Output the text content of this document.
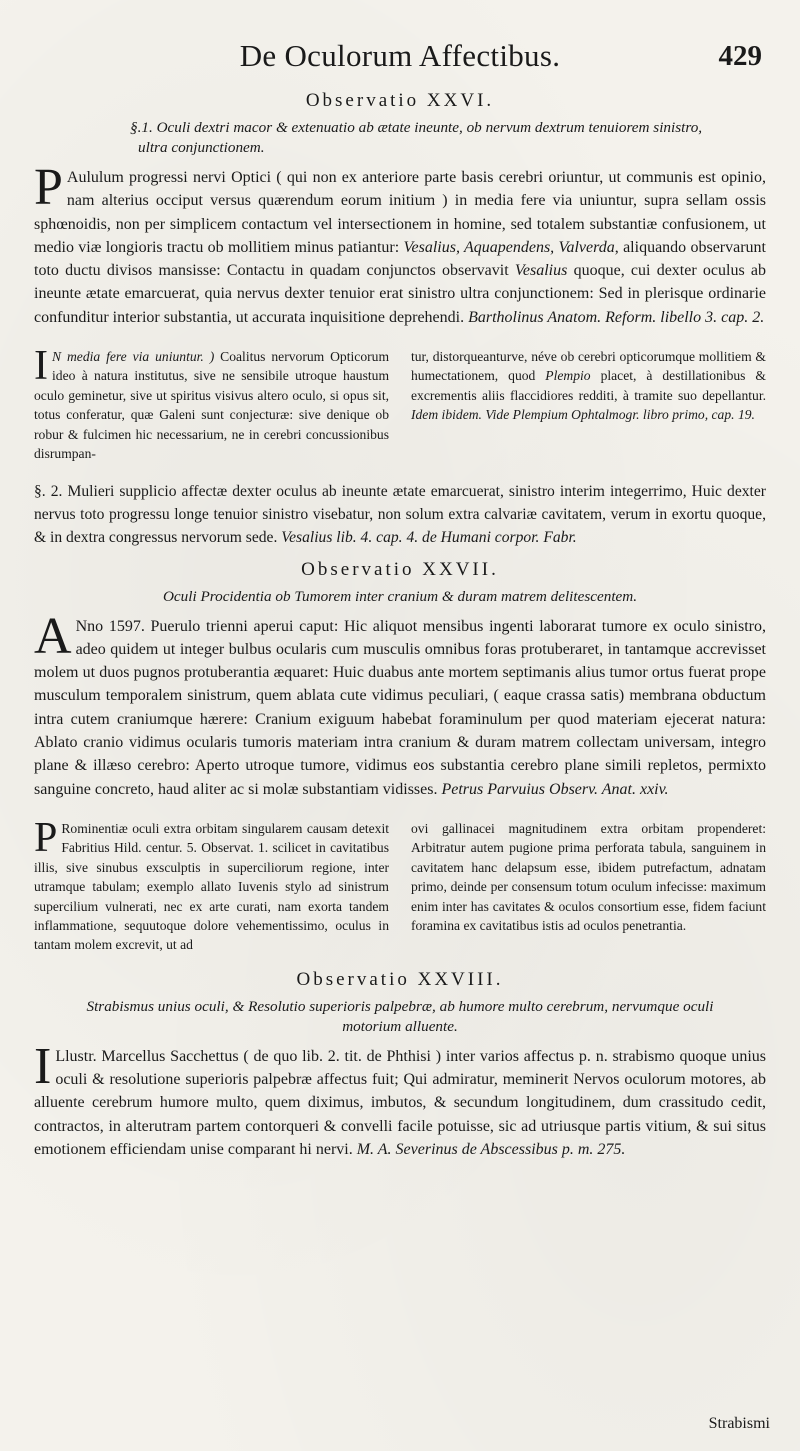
De Oculorum Affectibus.	429
Observatio XXVI.
§.1. Oculi dextri macor & extenuatio ab ætate ineunte, ob nervum dextrum tenuiorem sinistro, ultra conjunctionem.

P Aululum progressi nervi Optici ( qui non ex anteriore parte basis cerebri oriuntur, ut communis est opinio, nam alterius occiput versus quærendum eorum initium ) in media fere via uniuntur, supra sellam ossis sphœnoidis, non per simplicem contactum vel intersectionem in homine, sed totalem substantiæ confusionem, ut medio viæ longioris tractu ob mollitiem minus patiantur: Vesalius, Aquapendens, Valverda, aliquando observarunt toto ductu divisos mansisse: Contactu in quadam conjunctos observavit Vesalius quoque, cui dexter oculus ab ineunte ætate emarcuerat, quia nervus dexter tenuior erat sinistro ultra conjunctionem: Sed in plerisque ordinarie confunditur interior substantia, ut accurata inquisitione deprehendi. Bartholinus Anatom. Reform. libello 3. cap. 2.

I N media fere via uniuntur. ) Coalitus nervorum Opticorum ideo à natura institutus, sive ne sensibile utroque haustum oculo geminetur, sive ut spiritus visivus altero oculo, si opus sit, totus conferatur, quæ Galeni sunt conjecturæ: sive denique ob robur & fulcimen hic necessarium, ne in cerebri concussionibus disrumpan-
tur, distorqueanturve, néve ob cerebri opticorumque mollitiem & humectationem, quod Plempio placet, à destillationibus & excrementis aliis flaccidiores redditi, à tramite suo depellantur. Idem ibidem. Vide Plempium Ophtalmogr. libro primo, cap. 19.

§. 2. Mulieri supplicio affectæ dexter oculus ab ineunte ætate emarcuerat, sinistro interim integerrimo, Huic dexter nervus toto progressu longe tenuior sinistro visebatur, non solum extra calvariæ cavitatem, verum in exortu quoque, & in dextra congressus nervorum sede. Vesalius lib. 4. cap. 4. de Humani corpor. Fabr.

Observatio XXVII.
Oculi Procidentia ob Tumorem inter cranium & duram matrem delitescentem.

A Nno 1597. Puerulo trienni aperui caput: Hic aliquot mensibus ingenti laborarat tumore ex oculo sinistro, adeo quidem ut integer bulbus ocularis cum musculis omnibus foras protuberaret, in tantamque accrevisset molem ut duos pugnos protuberantia æquaret: Huic duabus ante mortem septimanis alius tumor ortus fuerat prope musculum temporalem sinistrum, quem ablata cute vidimus peculiari, ( eaque crassa satis) membrana obductum intra cutem craniumque hærere: Cranium exiguum habebat foraminulum per quod materiam ejecerat natura: Ablato cranio vidimus ocularis tumoris materiam intra cranium & duram matrem collectam universam, integro plane & illæso cerebro: Aperto utroque tumore, vidimus eos substantia cerebro plane simili repletos, permixto sanguine concreto, haud aliter ac si molæ substantiam vidisses. Petrus Parvuius Observ. Anat. xxiv.

P Rominentiæ oculi extra orbitam singularem causam detexit Fabritius Hild. centur. 5. Observat. 1. scilicet in cavitatibus illis, sive sinubus exsculptis in superciliorum regione, inter utramque tabulam; exemplo allato Iuvenis stylo ad sinistrum supercilium vulnerati, nec ex arte curati, nam exorta tandem inflammatione, sequutoque dolore vehementissimo, oculus in tantam molem excrevit, ut ad
ovi gallinacei magnitudinem extra orbitam propenderet: Arbitratur autem pugione prima perforata tabula, sanguinem in cavitatem hanc delapsum esse, ibidem putrefactum, adnatam primo, deinde per consensum totum oculum infecisse: maximum enim inter has cavitates & oculos consortium esse, fidem faciunt foramina ex cavitatibus istis ad oculos penetrantia.
Observatio XXVIII.
Strabismus unius oculi, & Resolutio superioris palpebræ, ab humore multo cerebrum, nervumque oculi motorium alluente.

I Llustr. Marcellus Sacchettus ( de quo lib. 2. tit. de Phthisi ) inter varios affectus p. n. strabismo quoque unius oculi & resolutione superioris palpebræ affectus fuit; Qui admiratur, meminerit Nervos oculorum motores, ab alluente cerebrum humore multo, quem diximus, imbutos, & secundum longitudinem, dum crassitudo cedit, contractos, in alterutram partem contorqueri & convelli facile potuisse, sic ad utriusque partis vitium, & sui situs emotionem efficiendam unise comparant hi nervi. M. A. Severinus de Abscessibus p. m. 275.

Strabismi
